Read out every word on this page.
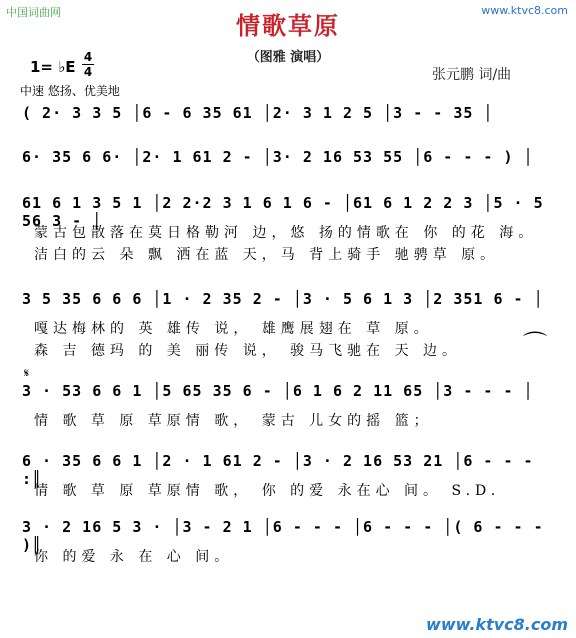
中国词曲网	www.ktvc8.com
情歌草原
（图雅 演唱）
1= ♭E
4
4
中速 悠扬、优美地
张元鹏 词/曲
( 2· 3 3 5 │6 - 6 35 61 │2· 3 1 2 5 │3 - - 35 │
6· 35 6 6· │2· 1 61 2 - │3· 2 16 53 55 │6 - - - ) │
61 6 1 3 5 1 │2 2·2 3 1 6 1 6 - │61 6 1 2 2 3 │5 · 5 56 3 - │
蒙古包散落在莫日格勒河 边，悠 扬的情歌在 你 的花 海。
洁白的云 朵 飘 洒在蓝 天，马 背上骑手 驰骋草 原。
3 5 35 6 6 6 │1 · 2 35 2 - │3 · 5 6 1 3 │2 351 6 - │
嘎达梅林的 英 雄传 说， 雄鹰展翅在 草 原。
森 吉 德玛 的 美 丽传 说， 骏马飞驰在 天 边。	⌒
𝄋
3 · 53 6 6 1 │5 65 35 6 - │6 1 6 2 11 65 │3 - - - │
情 歌 草 原 草原情 歌， 蒙古 儿女的摇 篮；
6 · 35 6 6 1 │2 · 1 61 2 - │3 · 2 16 53 21 │6 - - - :║
情 歌 草 原 草原情 歌， 你 的爱 永在心 间。 S.D.
3 · 2 16 5 3 · │3 - 2 1 │6 - - - │6 - - - │( 6 - - - )║
你 的爱 永 在 心 间。
www.ktvc8.com
